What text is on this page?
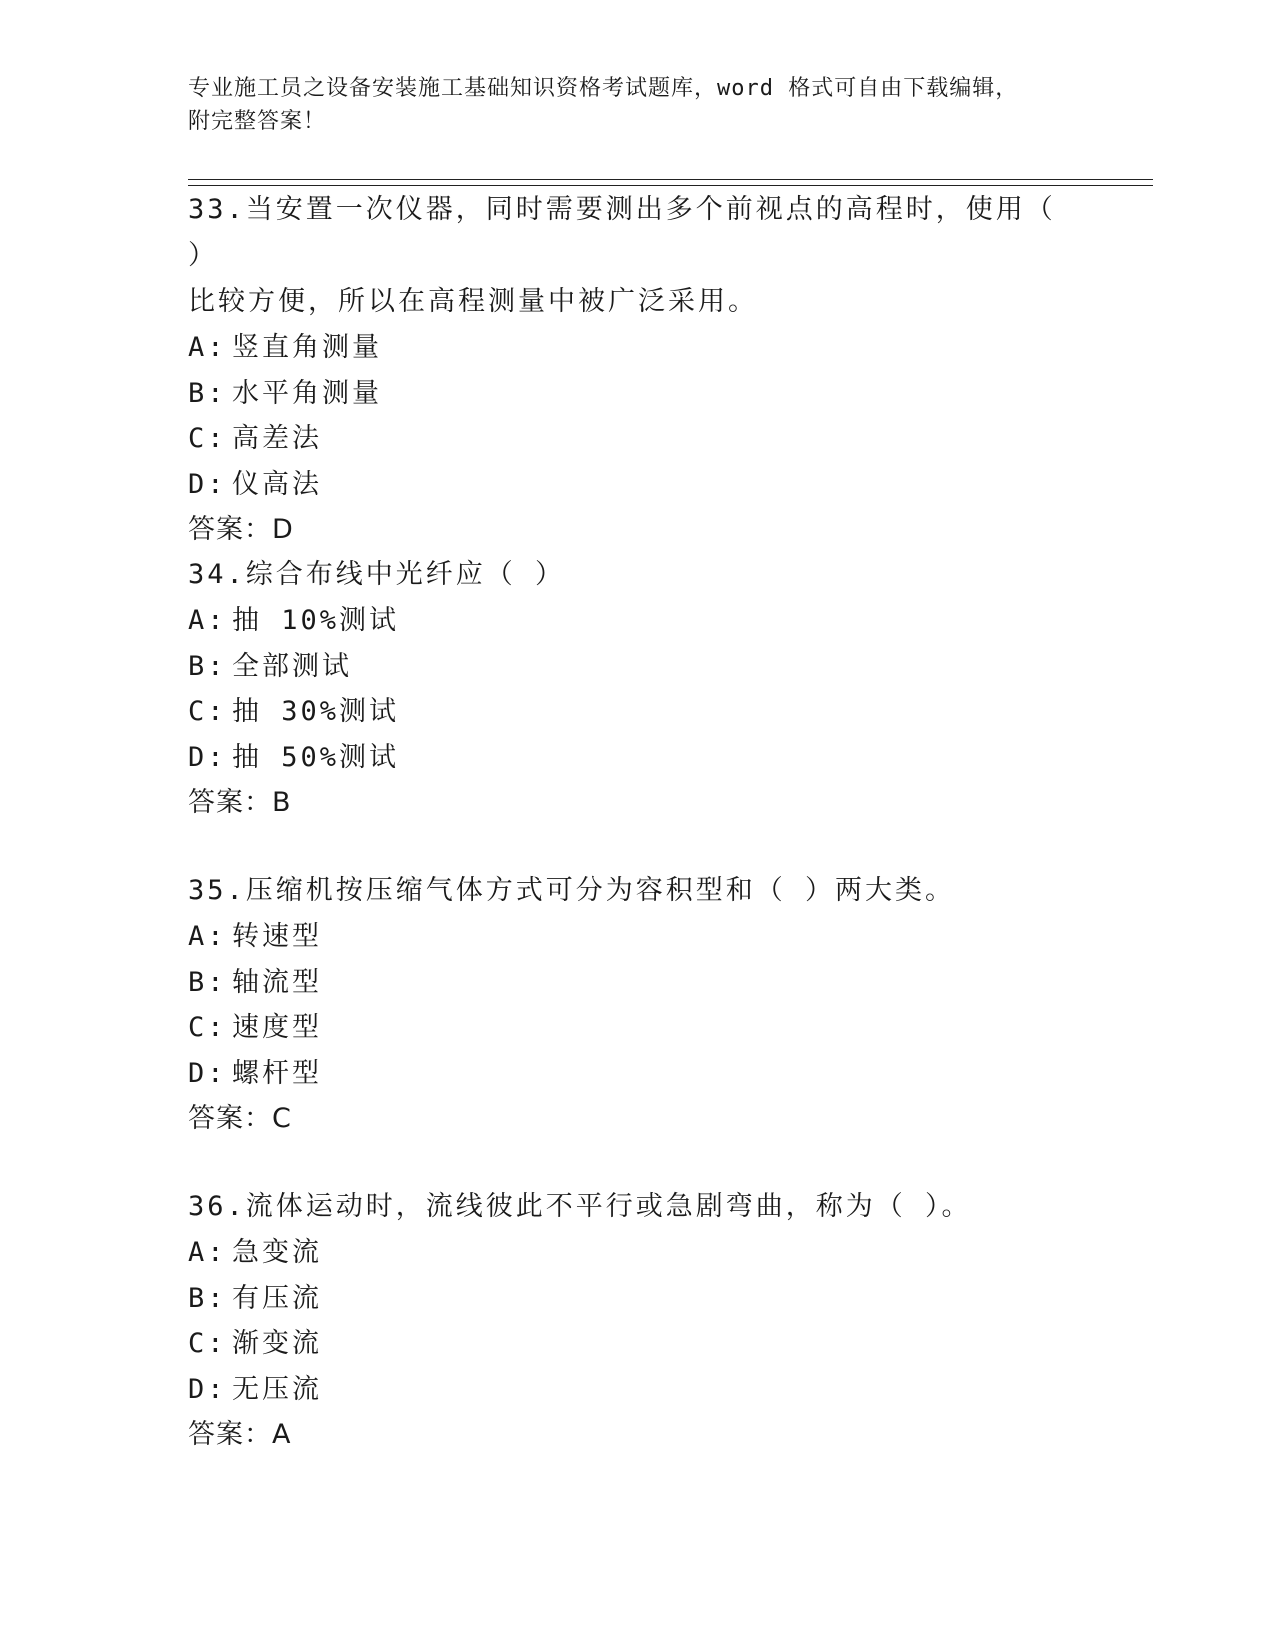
专业施工员之设备安装施工基础知识资格考试题库，word 格式可自由下载编辑，
附完整答案！
33.当安置一次仪器，同时需要测出多个前视点的高程时，使用（ ）
比较方便，所以在高程测量中被广泛采用。
A: 竖直角测量
B: 水平角测量
C: 高差法
D: 仪高法
答案：D
34.综合布线中光纤应（ ）
A: 抽 10%测试
B: 全部测试
C: 抽 30%测试
D: 抽 50%测试
答案：B
35.压缩机按压缩气体方式可分为容积型和（ ）两大类。
A: 转速型
B: 轴流型
C: 速度型
D: 螺杆型
答案：C
36.流体运动时，流线彼此不平行或急剧弯曲，称为（ ）。
A: 急变流
B: 有压流
C: 渐变流
D: 无压流
答案：A
